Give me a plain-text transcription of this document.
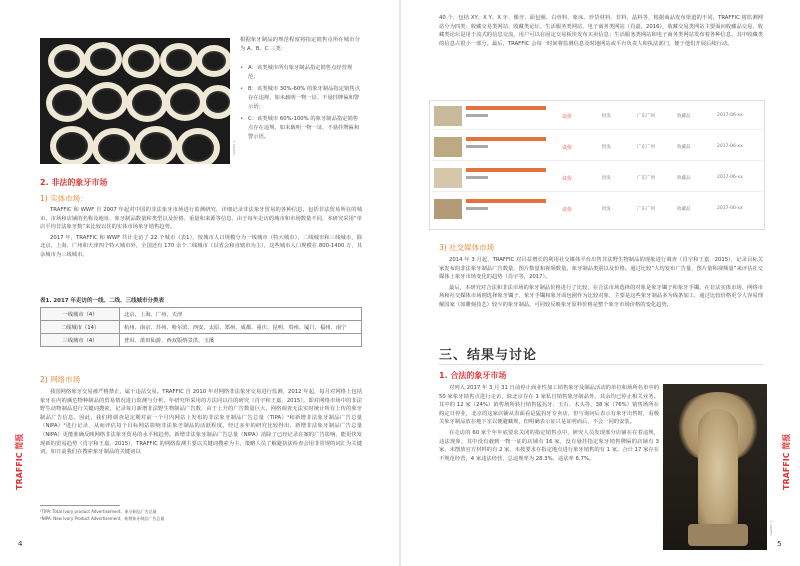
© TRAFFIC
根据象牙制品的规范程度将指定销售点所在城市分为 A、B、C 三类：
• A：该类城市所有象牙制品指定销售点经营规范；
• B：该类城市 30%-60% 的象牙制品指定销售点存在违规，如未载明一物一证、不悬挂牌匾和警示语；
• C：该类城市 60%-100% 的象牙制品指定销售点存在违规，如未载明一物一证，不悬挂牌匾和警示语。
2. 非法的象牙市场
1) 实体市场：

TRAFFIC 和 WWF 自 2007 年起对中国的非法象牙市场进行监测研究，详细记录非法象牙贸易的各种信息，包括非法贸易所在的城市、市场和店铺的名称及地址、象牙制品数量和类型以及价格、重量和来源等信息，由于每年走访的城市和市场数量不同，本研究采用“单店平均非法象牙数”来比较以往的实体市场象牙销售趋势。

2017 年，TRAFFIC 和 WWF 共计走访了 22 个城市（表1），按城市人口规模分为一线城市（特大城市）、二线城市和三线城市，除北京、上海、广州和天津四个特大城市外，全国还有 170 余个二线城市（以省会和直辖市为主），这些城市人口规模在 800-1400 万，其余城市为三线城市。

表1. 2017 年走访的一线、二线、三线城市分类表
一线城市（4）	北京、上海、广州、天津
二线城市（14）	杭州、南京、苏州、哈尔滨、西安、太原、郑州、成都、重庆、昆明、贵州、厦门、福州、南宁
三线城市（4）	普洱、莆田仙游、西双版纳景洪、玉溪
2) 网络市场

我国网络象牙交易被严格禁止，属于违法交易。TRAFFIC 自 2010 年对网络非法象牙交易进行监测，2012 年起，每月对网络上包括象牙在内的濒危物种制品的贸易情况进行监测与分析，年研究所采用的方法同以往的研究（肖宇和王嘉，2015）。即对网络市场中的非法野生动物制品进行关键词搜索，记录每月新增非法野生物制品广告数，由于上升的广告数量巨大，网络调查无法实时统计所有上传的象牙制品广告信息。因此，我们将调查是定期对前一个月内网站上发布的非法象牙制品广告总量（TIPA）¹和新增非法象牙制品广告总量（NIPA）²进行记录，从而评估每个目标网站影响非法象牙制品的活跃程度，经过多年的研究比较得出，新增非法象牙制品广告总量（NIPA）更能准确反映网络非法象牙贸易的水平和趋势。新增非法象牙制品广告总量（NIPA）消除了已经记录在案的广告影响，能更快发现新的贸易趋势（肖宇和王嘉，2015），TRAFFIC 的网络监测主要以关键词搜索为主，策略人员了解避执法检查会用非常规的词汇为关键词，如日前我们在搜索象牙制品的关键词以

¹TIPA: Total Ivory product Advertisement，象牙制品广告总量
²NIPA: New Ivory Product Advertisement，新增象牙制品广告总量
4
TRAFFIC 简报

40 个，包括 XY、X Y、X 牙、像牙、面包圈、白骨料、象床、珍货材料、非料、晶料等，根据商品发布渠道的不同，TRAFFIC 将监测网站分为四类：收藏交易类网站、收藏类论坛、生活服务类网站、电子商务类网站（肖嘉，2016），收藏交易类网站主要面向收藏品交易，收藏类论坛是用于流式的信息交流，用户可以在固定交易板块发布买卖信息；生活服务类网站和电子商务类网站发布着各种信息，其中收藏类的信息占很小一部分。最后，TRAFFIC 会每一时间将监测信息及时地网站或平台负责人和执法部门，便于他们开展后续行动。

议价	批发	广东广州	收藏品	2017-06-xx
议价	批发	广东广州	收藏品	2017-06-xx
议价	批发	广东广州	收藏品	2017-06-xx
议价	批发	广东广州	收藏品	2017-06-xx
3) 社交媒体市场

2014 年 3 月起，TRAFFIC 对目益增长的利用社交媒体平台出售非法野生物制品的现象进行调查（肖宇和王嘉，2015），记录目标关家发布的非法象牙制品广告数量、图片数量和视频数量。象牙制品类别以及价格。通过比较“人均发布广告量、图片量和视频量”来评估社交媒体上象牙市场变化的趋势（肖宇等，2017）。

最后，本研究对合法和非法市场的象牙制品价格进行了比较，在合法市场选择的对象是象牙镯子和象牙手镯，在非法实体市场、网络市场和社交媒体市场则选择象牙镯子、象牙手镯和象牙面包圈作为比较对象，主要是这些象牙制品多为线条加工，通过比较价格更令人容易理解国家（如雕刻技艺）较少的象牙制品，可同较反映象牙原料价格是整个象牙市场价格的变化趋势。

三、结果与讨论
1. 合法的象牙市场

对列入 2017 年 3 月 31 日前停止商业性加工销售象牙及制品活动的单位和场所名单中的 50 家象牙销售点进行走访，除北京存在 1 家私自销售象牙制品外，其余均已停止相关业务。其中的 12 家（24%）销售场所转行销售猛犸牙、玉石、木头等，38 家（76%）销售场所在约定日停业，北京的这家店铺从表面看是猛犸牙专卖店，但与询问后表示有象牙出售时，看极关象牙制品放在地下室以便避藏规，但明确表示证只是证明而后，不会一同的安装。

在走访的 60 家个年年底要求关闭的指定销售点中，研究人员发现部分店铺在在着违规，违法现象，其中没有载到一物一证的店铺有 16 家，没有悬挂指定象牙销售牌匾的店铺有 3 家，未摆放官方材料的有 2 家，未按要求在指定地点进行象牙销售的有 1 家。合计 17 家存在不规范经营，4 家违法经营，总违规率为 28.3%，违法率 6.7%。

© TRAFFIC
5
TRAFFIC 简报
